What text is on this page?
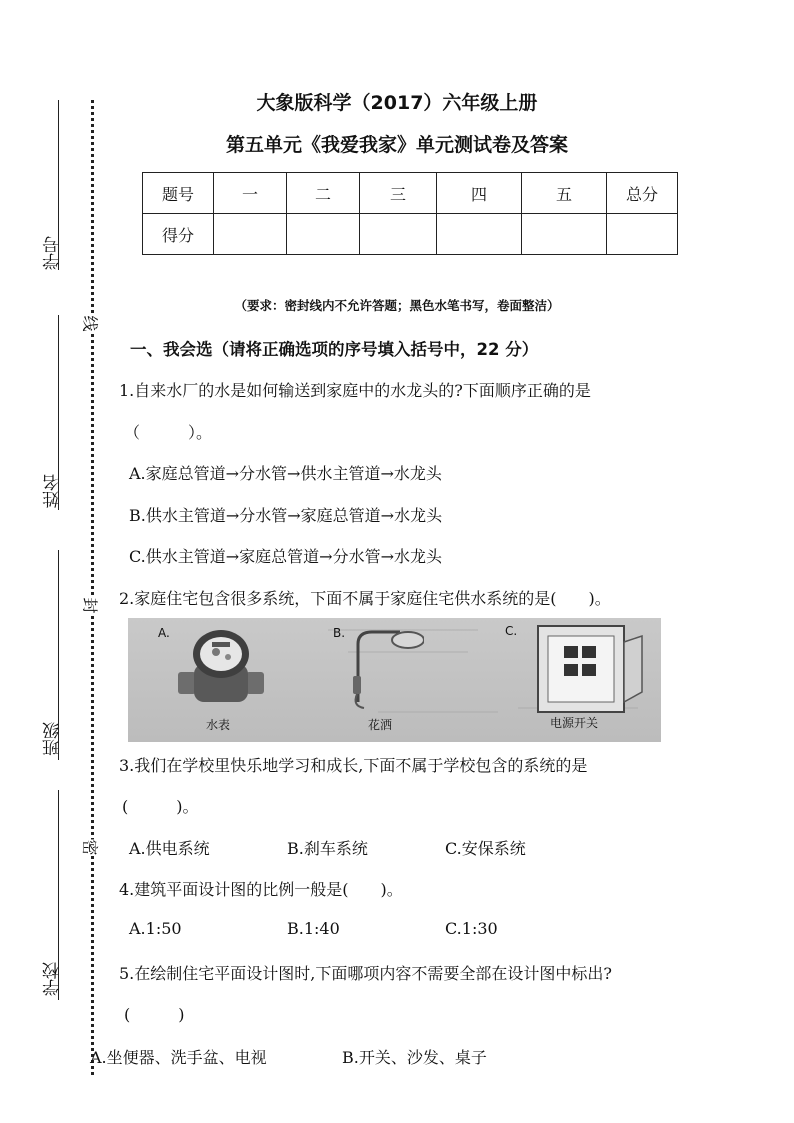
学号
姓名
班级
学校
线
封
密
大象版科学（2017）六年级上册
第五单元《我爱我家》单元测试卷及答案
题号	一	二	三	四	五	总分
得分						
（要求：密封线内不允许答题；黑色水笔书写，卷面整洁）
一、我会选（请将正确选项的序号填入括号中，22 分）
1.自来水厂的水是如何输送到家庭中的水龙头的?下面顺序正确的是
（　　　）。
A.家庭总管道→分水管→供水主管道→水龙头
B.供水主管道→分水管→家庭总管道→水龙头
C.供水主管道→家庭总管道→分水管→水龙头
2.家庭住宅包含很多系统，下面不属于家庭住宅供水系统的是(　　)。
A.
水表
B.
花洒
C.
电源开关
3.我们在学校里快乐地学习和成长,下面不属于学校包含的系统的是
(　　　)。
A.供电系统	B.刹车系统	C.安保系统
4.建筑平面设计图的比例一般是(　　)。
A.1:50	B.1:40	C.1:30
5.在绘制住宅平面设计图时,下面哪项内容不需要全部在设计图中标出?
(　　　)
A.坐便器、洗手盆、电视	B.开关、沙发、桌子
